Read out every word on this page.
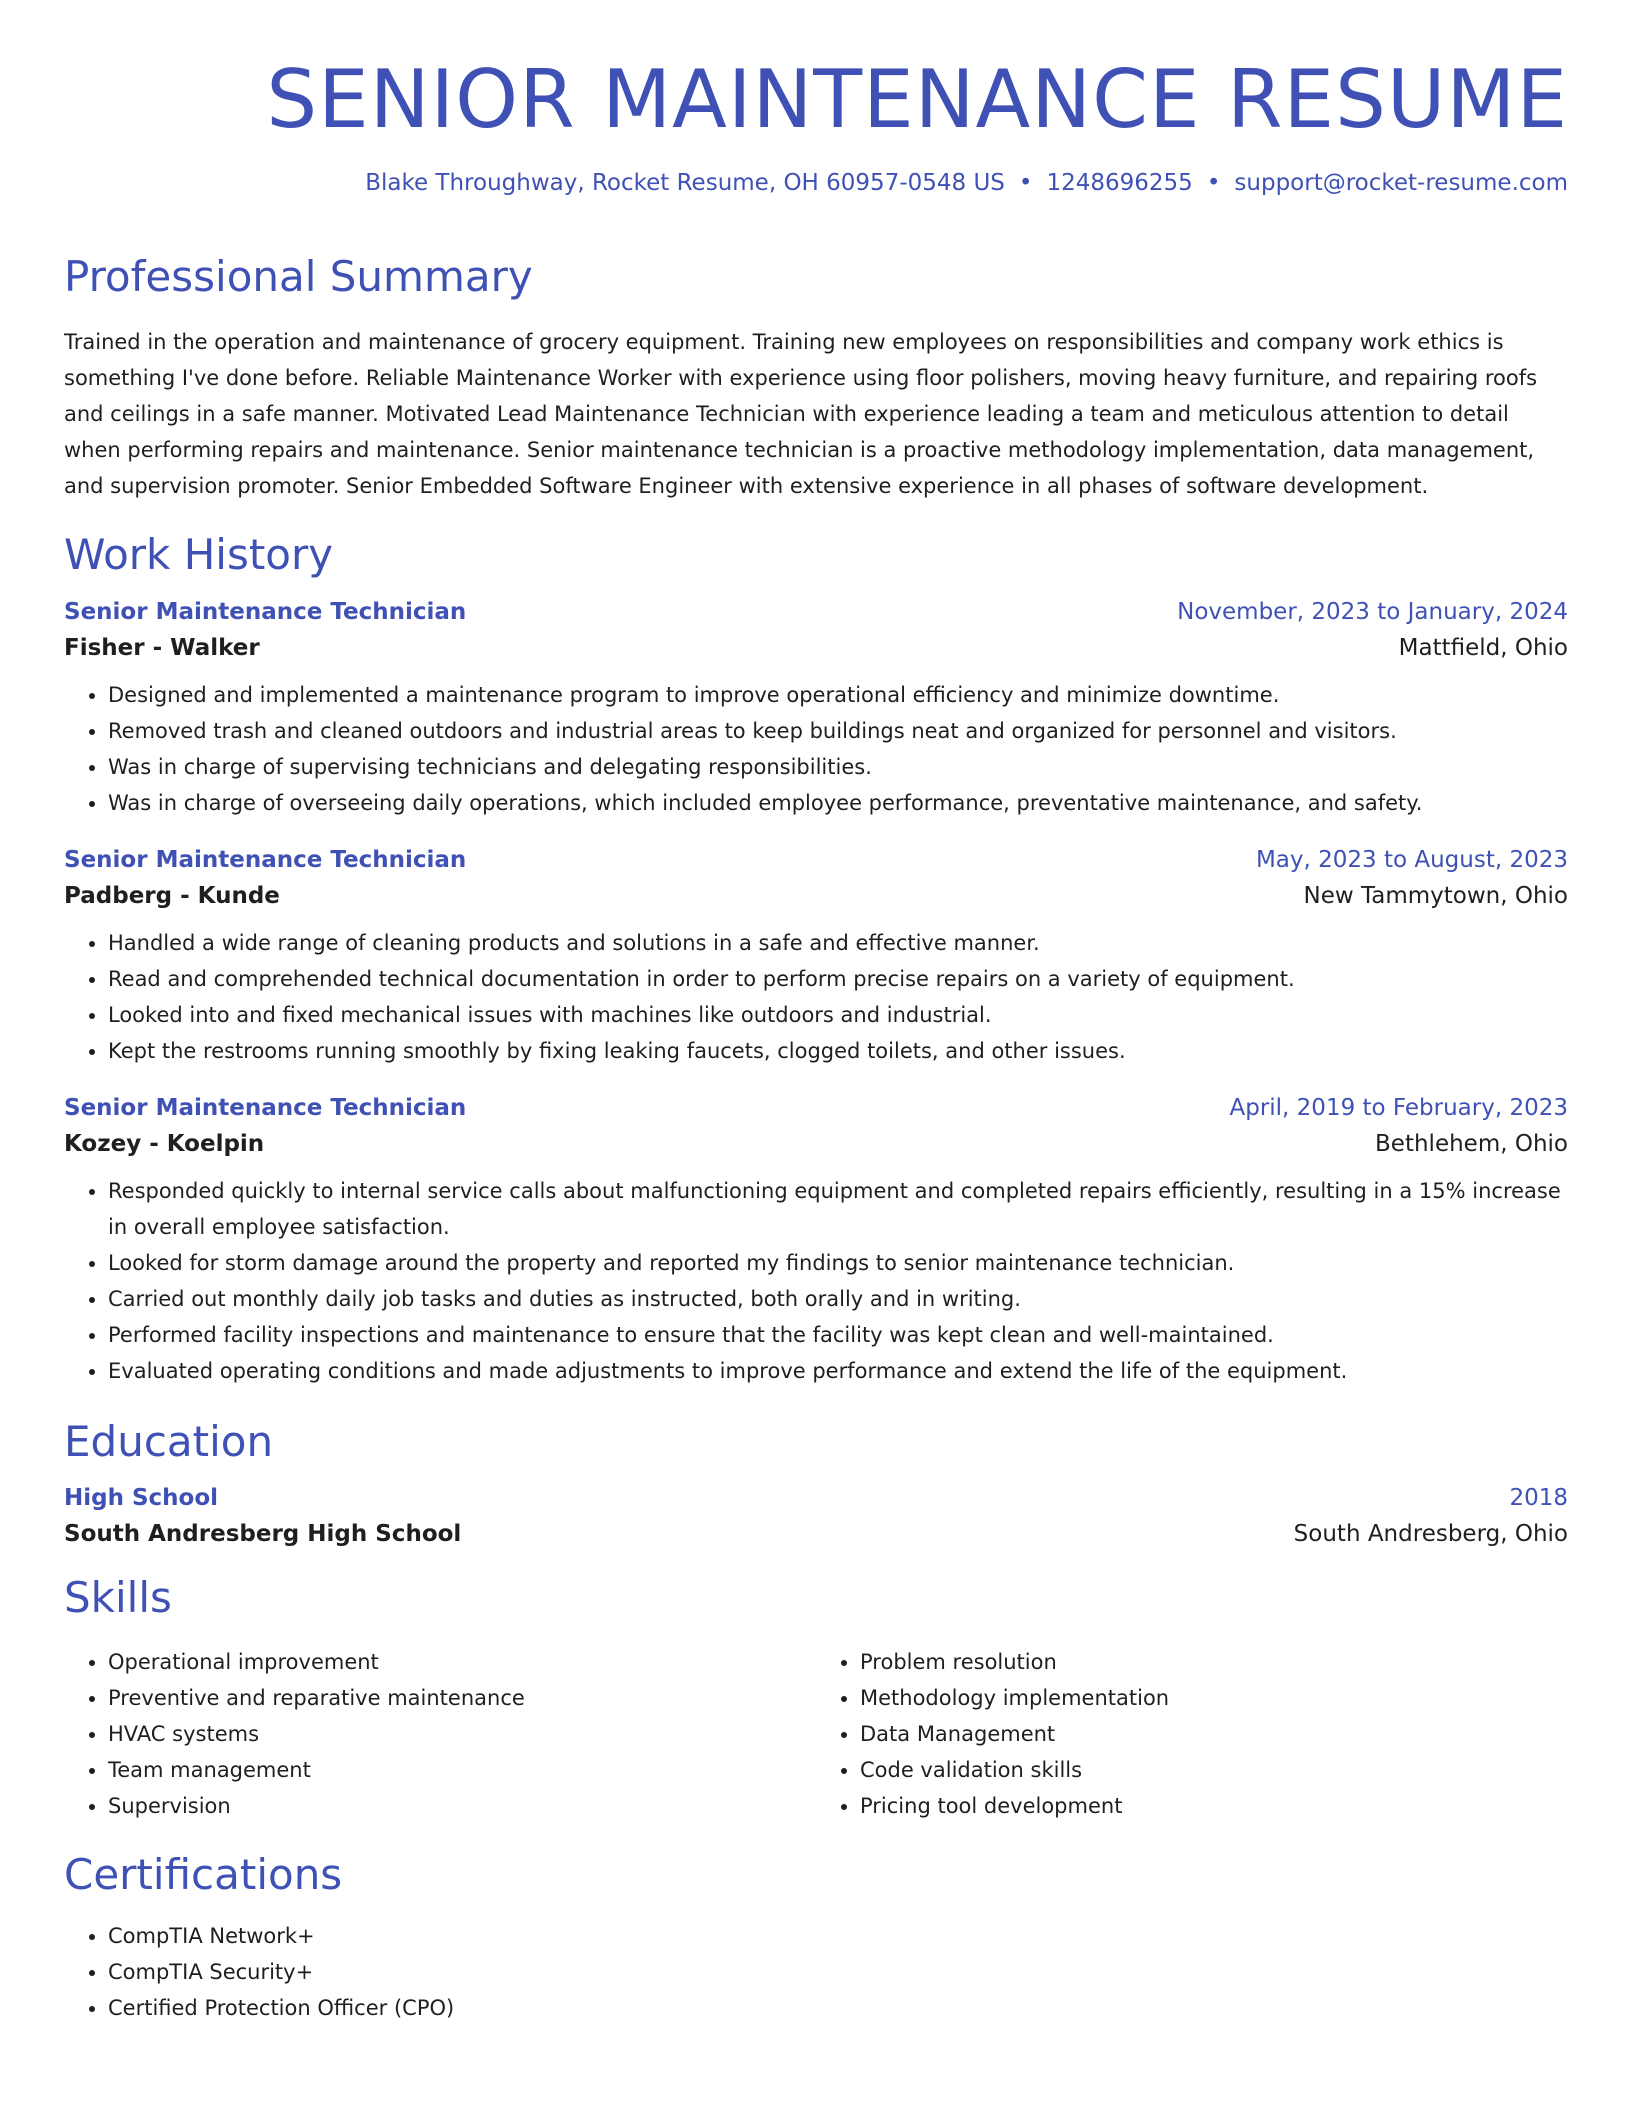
SENIOR MAINTENANCE RESUME
Blake Throughway, Rocket Resume, OH 60957-0548 US • 1248696255 • support@rocket-resume.com
Professional Summary
Trained in the operation and maintenance of grocery equipment. Training new employees on responsibilities and company work ethics is something I've done before. Reliable Maintenance Worker with experience using floor polishers, moving heavy furniture, and repairing roofs and ceilings in a safe manner. Motivated Lead Maintenance Technician with experience leading a team and meticulous attention to detail when performing repairs and maintenance. Senior maintenance technician is a proactive methodology implementation, data management, and supervision promoter. Senior Embedded Software Engineer with extensive experience in all phases of software development.
Work History
Senior Maintenance Technician	November, 2023 to January, 2024
Fisher - Walker	Mattfield, Ohio
• Designed and implemented a maintenance program to improve operational efficiency and minimize downtime.
• Removed trash and cleaned outdoors and industrial areas to keep buildings neat and organized for personnel and visitors.
• Was in charge of supervising technicians and delegating responsibilities.
• Was in charge of overseeing daily operations, which included employee performance, preventative maintenance, and safety.
Senior Maintenance Technician	May, 2023 to August, 2023
Padberg - Kunde	New Tammytown, Ohio
• Handled a wide range of cleaning products and solutions in a safe and effective manner.
• Read and comprehended technical documentation in order to perform precise repairs on a variety of equipment.
• Looked into and fixed mechanical issues with machines like outdoors and industrial.
• Kept the restrooms running smoothly by fixing leaking faucets, clogged toilets, and other issues.
Senior Maintenance Technician	April, 2019 to February, 2023
Kozey - Koelpin	Bethlehem, Ohio
• Responded quickly to internal service calls about malfunctioning equipment and completed repairs efficiently, resulting in a 15% increase in overall employee satisfaction.
• Looked for storm damage around the property and reported my findings to senior maintenance technician.
• Carried out monthly daily job tasks and duties as instructed, both orally and in writing.
• Performed facility inspections and maintenance to ensure that the facility was kept clean and well-maintained.
• Evaluated operating conditions and made adjustments to improve performance and extend the life of the equipment.
Education
High School	2018
South Andresberg High School	South Andresberg, Ohio
Skills
• Operational improvement
• Preventive and reparative maintenance
• HVAC systems
• Team management
• Supervision
• Problem resolution
• Methodology implementation
• Data Management
• Code validation skills
• Pricing tool development
Certifications
• CompTIA Network+
• CompTIA Security+
• Certified Protection Officer (CPO)
